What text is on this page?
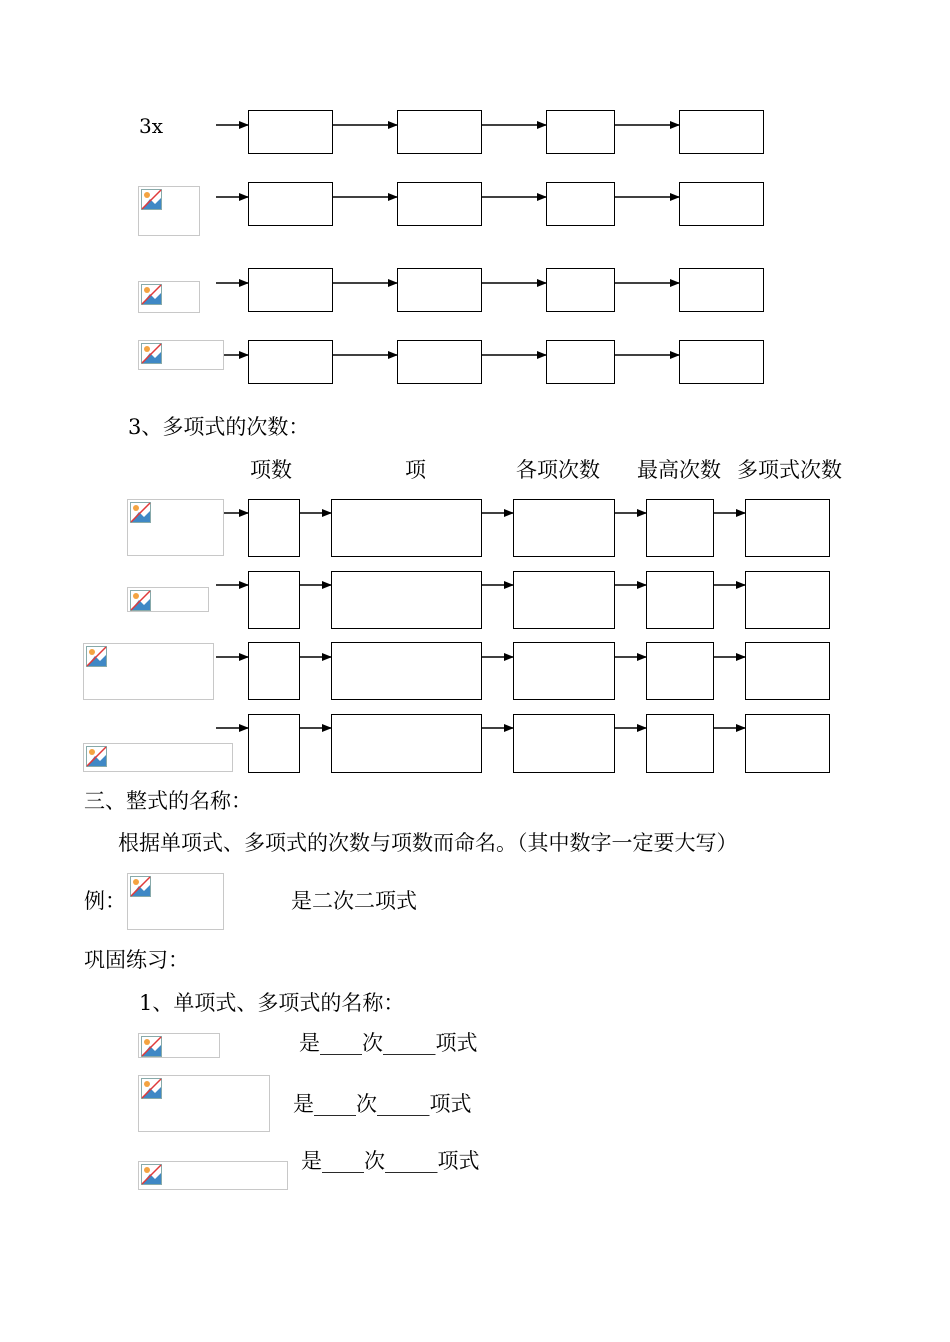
3x
3、多项式的次数：
项数	项	各项次数 最高次数 多项式次数
三、整式的名称：
根据单项式、多项式的次数与项数而命名。（其中数字一定要大写）
例：	是二次二项式
巩固练习：
1、单项式、多项式的名称：
是____次_____项式
是____次_____项式
是____次_____项式
